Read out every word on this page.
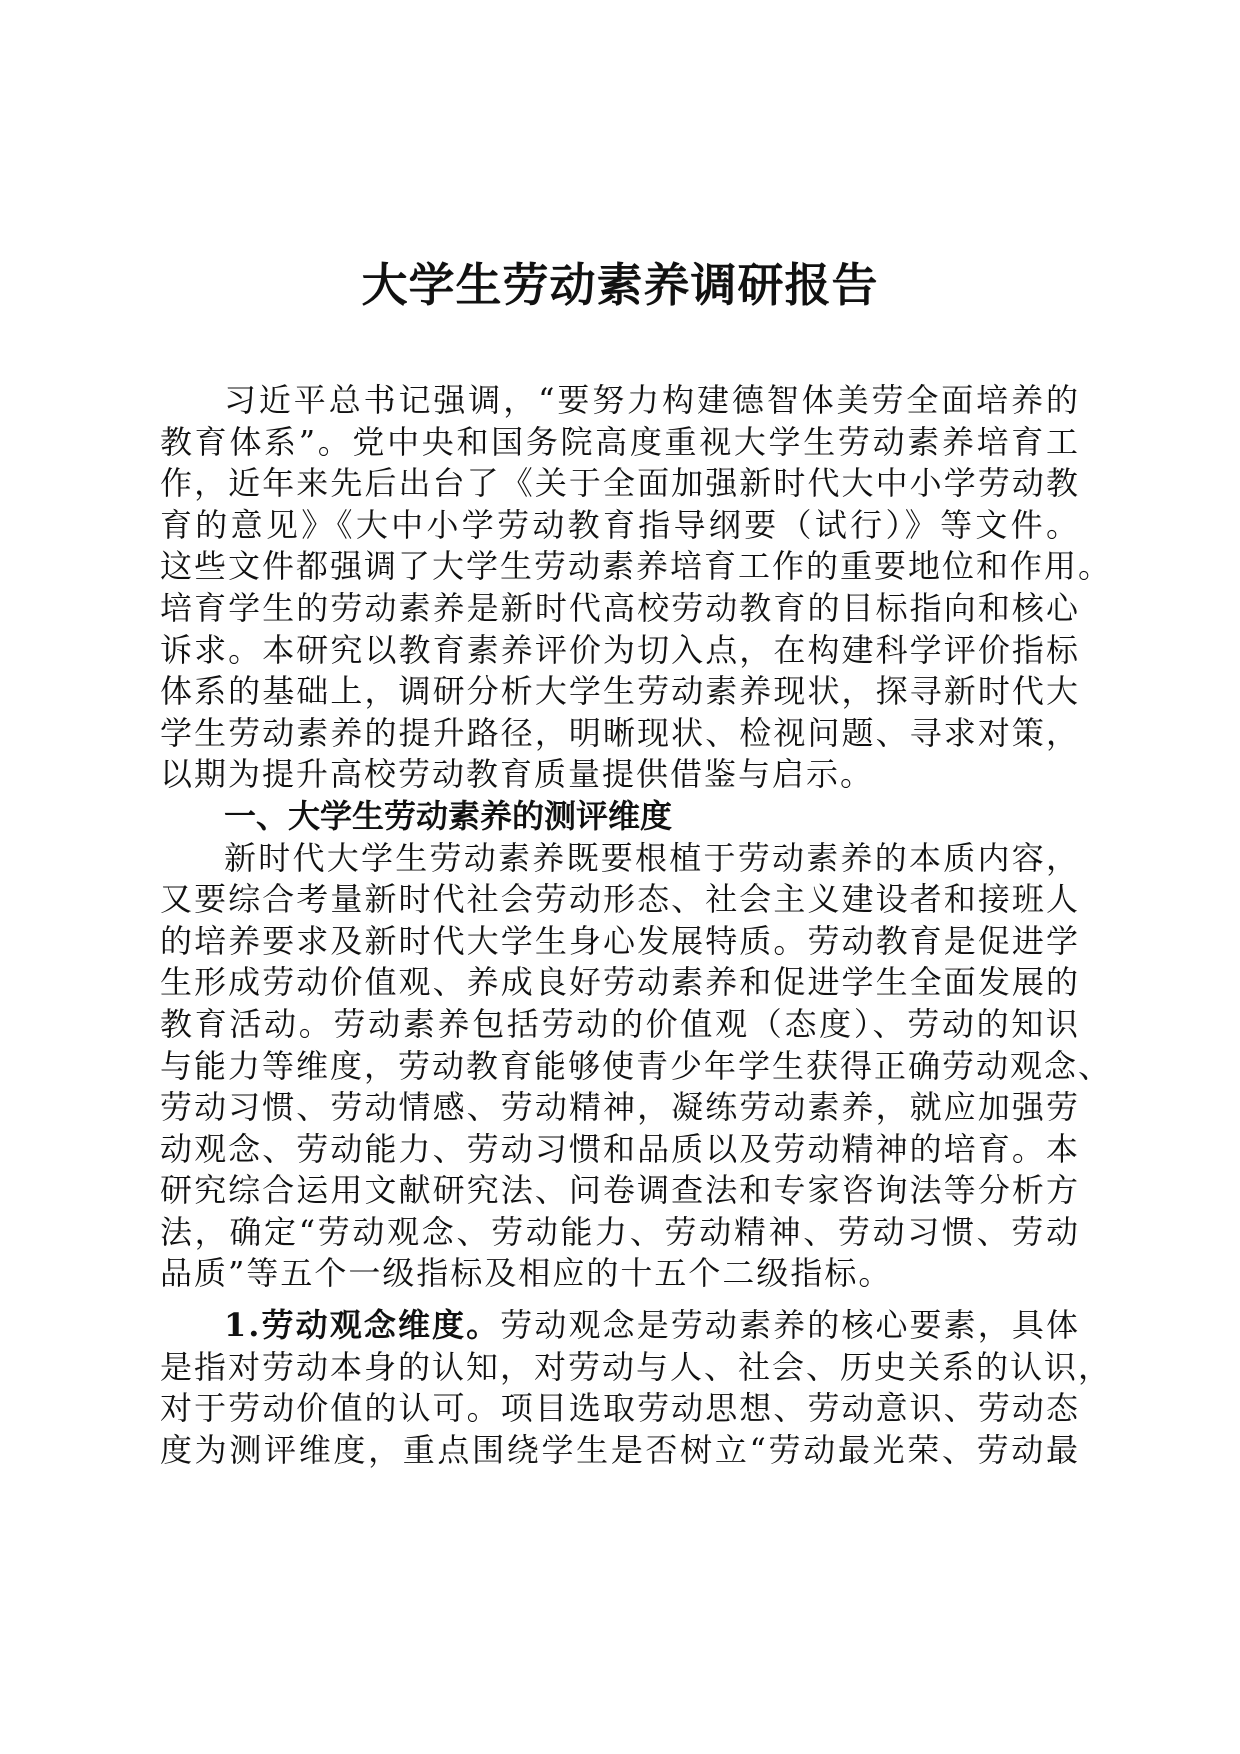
大学生劳动素养调研报告
习近平总书记强调，“要努力构建德智体美劳全面培养的
教育体系”。党中央和国务院高度重视大学生劳动素养培育工
作，近年来先后出台了《关于全面加强新时代大中小学劳动教
育的意见》《大中小学劳动教育指导纲要（试行）》等文件。
这些文件都强调了大学生劳动素养培育工作的重要地位和作用。
培育学生的劳动素养是新时代高校劳动教育的目标指向和核心
诉求。本研究以教育素养评价为切入点，在构建科学评价指标
体系的基础上，调研分析大学生劳动素养现状，探寻新时代大
学生劳动素养的提升路径，明晰现状、检视问题、寻求对策，
以期为提升高校劳动教育质量提供借鉴与启示。
一、大学生劳动素养的测评维度
新时代大学生劳动素养既要根植于劳动素养的本质内容，
又要综合考量新时代社会劳动形态、社会主义建设者和接班人
的培养要求及新时代大学生身心发展特质。劳动教育是促进学
生形成劳动价值观、养成良好劳动素养和促进学生全面发展的
教育活动。劳动素养包括劳动的价值观（态度）、劳动的知识
与能力等维度，劳动教育能够使青少年学生获得正确劳动观念、
劳动习惯、劳动情感、劳动精神，凝练劳动素养，就应加强劳
动观念、劳动能力、劳动习惯和品质以及劳动精神的培育。本
研究综合运用文献研究法、问卷调查法和专家咨询法等分析方
法，确定“劳动观念、劳动能力、劳动精神、劳动习惯、劳动
品质”等五个一级指标及相应的十五个二级指标。
1.劳动观念维度。劳动观念是劳动素养的核心要素，具体
是指对劳动本身的认知，对劳动与人、社会、历史关系的认识，
对于劳动价值的认可。项目选取劳动思想、劳动意识、劳动态
度为测评维度，重点围绕学生是否树立“劳动最光荣、劳动最
